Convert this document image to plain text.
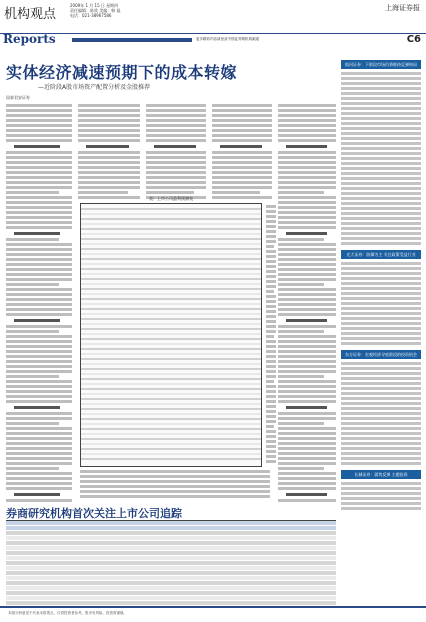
机构观点
2009年 1 月 15 日 星期四
责任编辑：陈欣 美编：韩 磊
电话：021-38967586
上海证券报
Reports	更多精彩内容请登录中国证券网机构频道	C6
实体经济减速预期下的成本转嫁
—近阶段A股市场资产配置分析及金股推荐
国泰君安证券
表：上市公司盈利预测表
银河证券：下阶段市场仍将维持反弹格局
光大证券：防御为主 关注政策受益行业
东方证券：宏观经济寻底阶段的投资机会
长城证券：弱势反弹 主题投资
券商研究机构首次关注上市公司追踪
本版分析意见不代表本报观点，仅供投资者参考。股市有风险，投资需谨慎。
